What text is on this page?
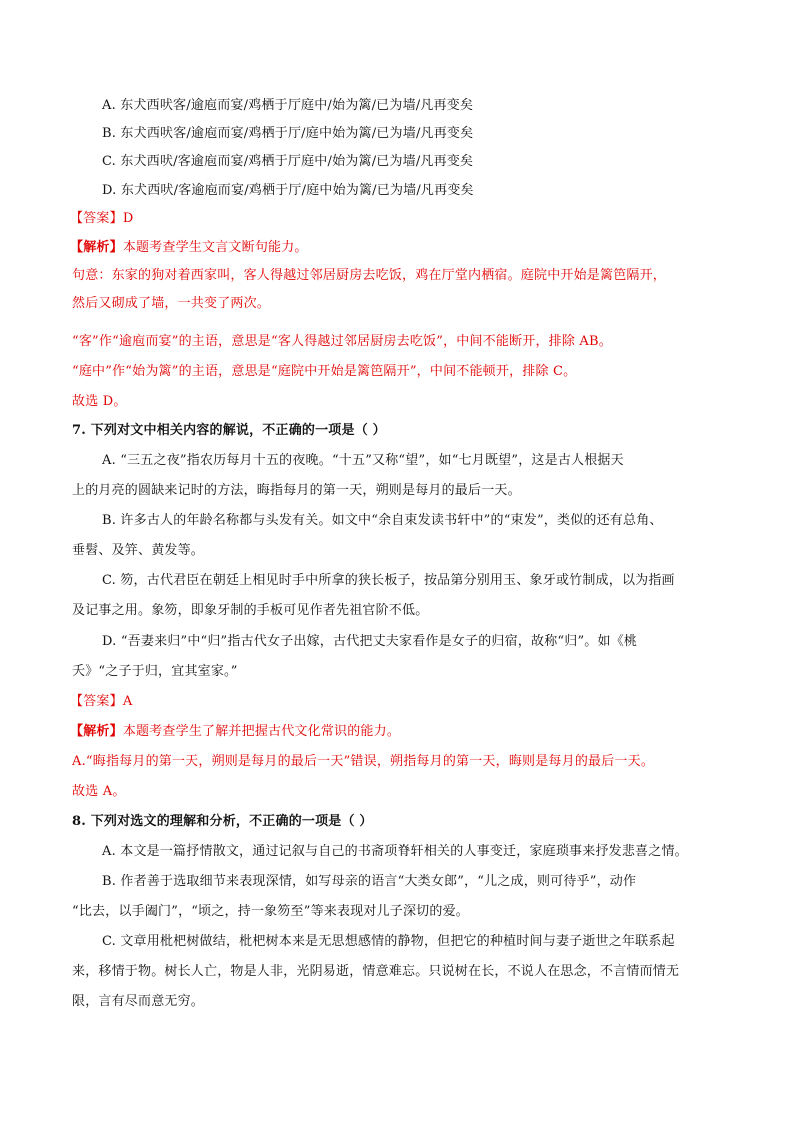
A. 东犬西吠客/逾庖而宴/鸡栖于厅庭中/始为篱/已为墙/凡再变矣
B. 东犬西吠客/逾庖而宴/鸡栖于厅/庭中始为篱/已为墙/凡再变矣
C. 东犬西吠/客逾庖而宴/鸡栖于厅庭中/始为篱/已为墙/凡再变矣
D. 东犬西吠/客逾庖而宴/鸡栖于厅/庭中始为篱/已为墙/凡再变矣
【答案】D
【解析】本题考查学生文言文断句能力。
句意：东家的狗对着西家叫，客人得越过邻居厨房去吃饭，鸡在厅堂内栖宿。庭院中开始是篱笆隔开，
然后又砌成了墙，一共变了两次。
“客”作“逾庖而宴”的主语，意思是“客人得越过邻居厨房去吃饭”，中间不能断开，排除 AB。
“庭中”作“始为篱”的主语，意思是“庭院中开始是篱笆隔开”，中间不能顿开，排除 C。
故选 D。
7. 下列对文中相关内容的解说，不正确的一项是（ ）
A. “三五之夜”指农历每月十五的夜晚。“十五”又称“望”，如“七月既望”，这是古人根据天
上的月亮的圆缺来记时的方法，晦指每月的第一天，朔则是每月的最后一天。
B. 许多古人的年龄名称都与头发有关。如文中“余自束发读书轩中”的“束发”，类似的还有总角、
垂髫、及笄、黄发等。
C. 笏，古代君臣在朝廷上相见时手中所拿的狭长板子，按品第分别用玉、象牙或竹制成，以为指画
及记事之用。象笏，即象牙制的手板可见作者先祖官阶不低。
D. “吾妻来归”中“归”指古代女子出嫁，古代把丈夫家看作是女子的归宿，故称“归”。如《桃
夭》“之子于归，宜其室家。”
【答案】A
【解析】本题考查学生了解并把握古代文化常识的能力。
A.“晦指每月的第一天，朔则是每月的最后一天”错误，朔指每月的第一天，晦则是每月的最后一天。
故选 A。
8. 下列对选文的理解和分析，不正确的一项是（ ）
A. 本文是一篇抒情散文，通过记叙与自己的书斋项脊轩相关的人事变迁，家庭琐事来抒发悲喜之情。
B. 作者善于选取细节来表现深情，如写母亲的语言“大类女郎”，“儿之成，则可待乎”，动作
“比去，以手阖门”，“顷之，持一象笏至”等来表现对儿子深切的爱。
C. 文章用枇杷树做结，枇杷树本来是无思想感情的静物，但把它的种植时间与妻子逝世之年联系起
来，移情于物。树长人亡，物是人非，光阴易逝，情意难忘。只说树在长，不说人在思念，不言情而情无
限，言有尽而意无穷。
